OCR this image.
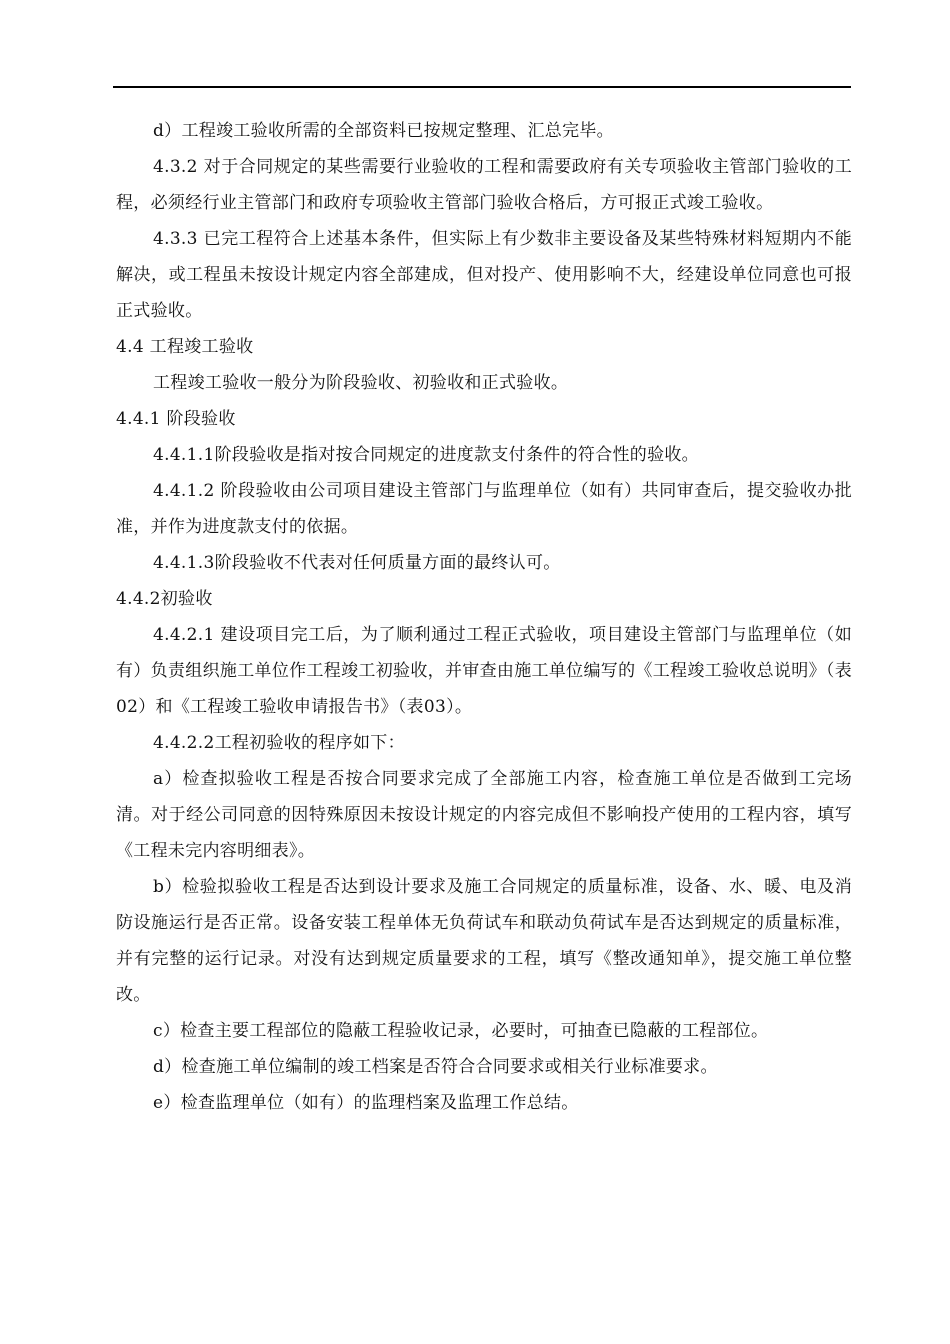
d）工程竣工验收所需的全部资料已按规定整理、汇总完毕。

4.3.2 对于合同规定的某些需要行业验收的工程和需要政府有关专项验收主管部门验收的工程，必须经行业主管部门和政府专项验收主管部门验收合格后，方可报正式竣工验收。

4.3.3 已完工程符合上述基本条件，但实际上有少数非主要设备及某些特殊材料短期内不能解决，或工程虽未按设计规定内容全部建成，但对投产、使用影响不大，经建设单位同意也可报正式验收。

4.4 工程竣工验收

工程竣工验收一般分为阶段验收、初验收和正式验收。

4.4.1 阶段验收

4.4.1.1阶段验收是指对按合同规定的进度款支付条件的符合性的验收。

4.4.1.2 阶段验收由公司项目建设主管部门与监理单位（如有）共同审查后，提交验收办批准，并作为进度款支付的依据。

4.4.1.3阶段验收不代表对任何质量方面的最终认可。

4.4.2初验收

4.4.2.1 建设项目完工后，为了顺利通过工程正式验收，项目建设主管部门与监理单位（如有）负责组织施工单位作工程竣工初验收，并审查由施工单位编写的《工程竣工验收总说明》（表02）和《工程竣工验收申请报告书》（表03）。

4.4.2.2工程初验收的程序如下：

a）检查拟验收工程是否按合同要求完成了全部施工内容，检查施工单位是否做到工完场清。对于经公司同意的因特殊原因未按设计规定的内容完成但不影响投产使用的工程内容，填写《工程未完内容明细表》。

b）检验拟验收工程是否达到设计要求及施工合同规定的质量标准，设备、水、暖、电及消防设施运行是否正常。设备安装工程单体无负荷试车和联动负荷试车是否达到规定的质量标准，并有完整的运行记录。对没有达到规定质量要求的工程，填写《整改通知单》，提交施工单位整改。

c）检查主要工程部位的隐蔽工程验收记录，必要时，可抽查已隐蔽的工程部位。

d）检查施工单位编制的竣工档案是否符合合同要求或相关行业标准要求。

e）检查监理单位（如有）的监理档案及监理工作总结。
